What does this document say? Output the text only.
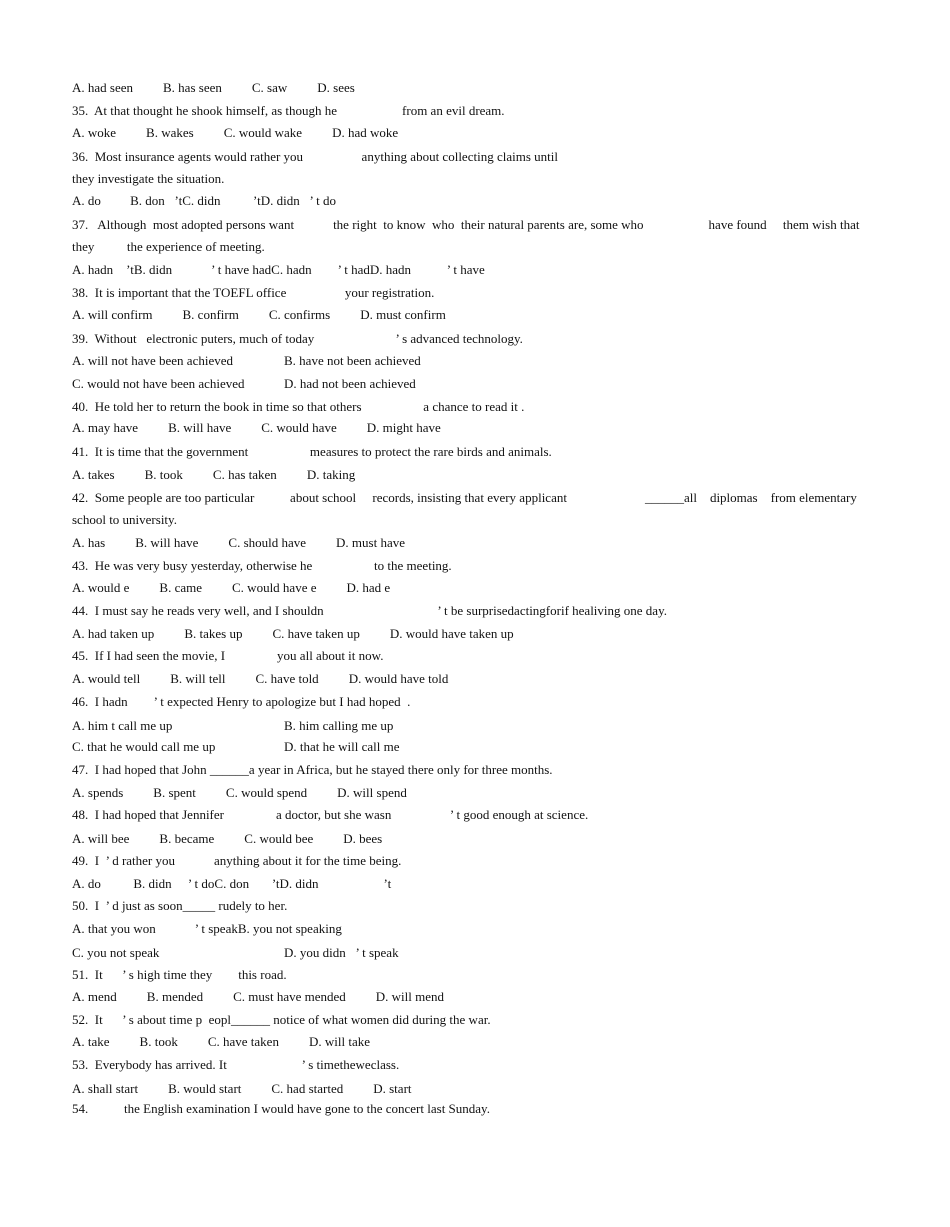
A. had seen B. has seen C. saw D. sees
35.  At that thought he shook himself, as though he                    from an evil dream.
A. woke B. wakes C. would wake D. had woke
36.  Most insurance agents would rather you                  anything about collecting claims until
they investigate the situation.
A. do         B. don   ’tC. didn          ’tD. didn   ’ t do
37.   Although  most adopted persons want            the right  to know  who  their natural parents are, some who                    have found     them wish that
they          the experience of meeting.
A. hadn    ’tB. didn            ’ t have hadC. hadn        ’ t hadD. hadn           ’ t have
38.  It is important that the TOEFL office                  your registration.
A. will confirm B. confirm C. confirms D. must confirm
39.  Without   electronic puters, much of today                         ’ s advanced technology.
A. will not have been achieved	B. have not been achieved
C. would not have been achieved	D. had not been achieved
40.  He told her to return the book in time so that others                   a chance to read it .
A. may have B. will have C. would have D. might have
41.  It is time that the government                   measures to protect the rare birds and animals.
A. takes B. took C. has taken D. taking
42.  Some people are too particular           about school     records, insisting that every applicant                        ______all    diplomas    from elementary
school to university.
A. has B. will have C. should have D. must have
43.  He was very busy yesterday, otherwise he                   to the meeting.
A. would e B. came C. would have e D. had e
44.  I must say he reads very well, and I shouldn                                   ’ t be surprisedactingforif healiving one day.
A. had taken up B. takes up C. have taken up D. would have taken up
45.  If I had seen the movie, I                you all about it now.
A. would tell B. will tell C. have told D. would have told
46.  I hadn        ’ t expected Henry to apologize but I had hoped  .
A. him t call me up	B. him calling me up
C. that he would call me up	D. that he will call me
47.  I had hoped that John ______a year in Africa, but he stayed there only for three months.
A. spends B. spent C. would spend D. will spend
48.  I had hoped that Jennifer                a doctor, but she wasn                  ’ t good enough at science.
A. will bee B. became C. would bee D. bees
49.  I  ’ d rather you            anything about it for the time being.
A. do          B. didn     ’ t doC. don       ’tD. didn                    ’t
50.  I  ’ d just as soon_____ rudely to her.
A. that you won            ’ t speakB. you not speaking
C. you not speak	D. you didn   ’ t speak
51.  It      ’ s high time they        this road.
A. mend B. mended C. must have mended D. will mend
52.  It      ’ s about time p  eopl______ notice of what women did during the war.
A. take B. took C. have taken D. will take
53.  Everybody has arrived. It                       ’ s timetheweclass.
A. shall start B. would start C. had started D. start
54.           the English examination I would have gone to the concert last Sunday.
